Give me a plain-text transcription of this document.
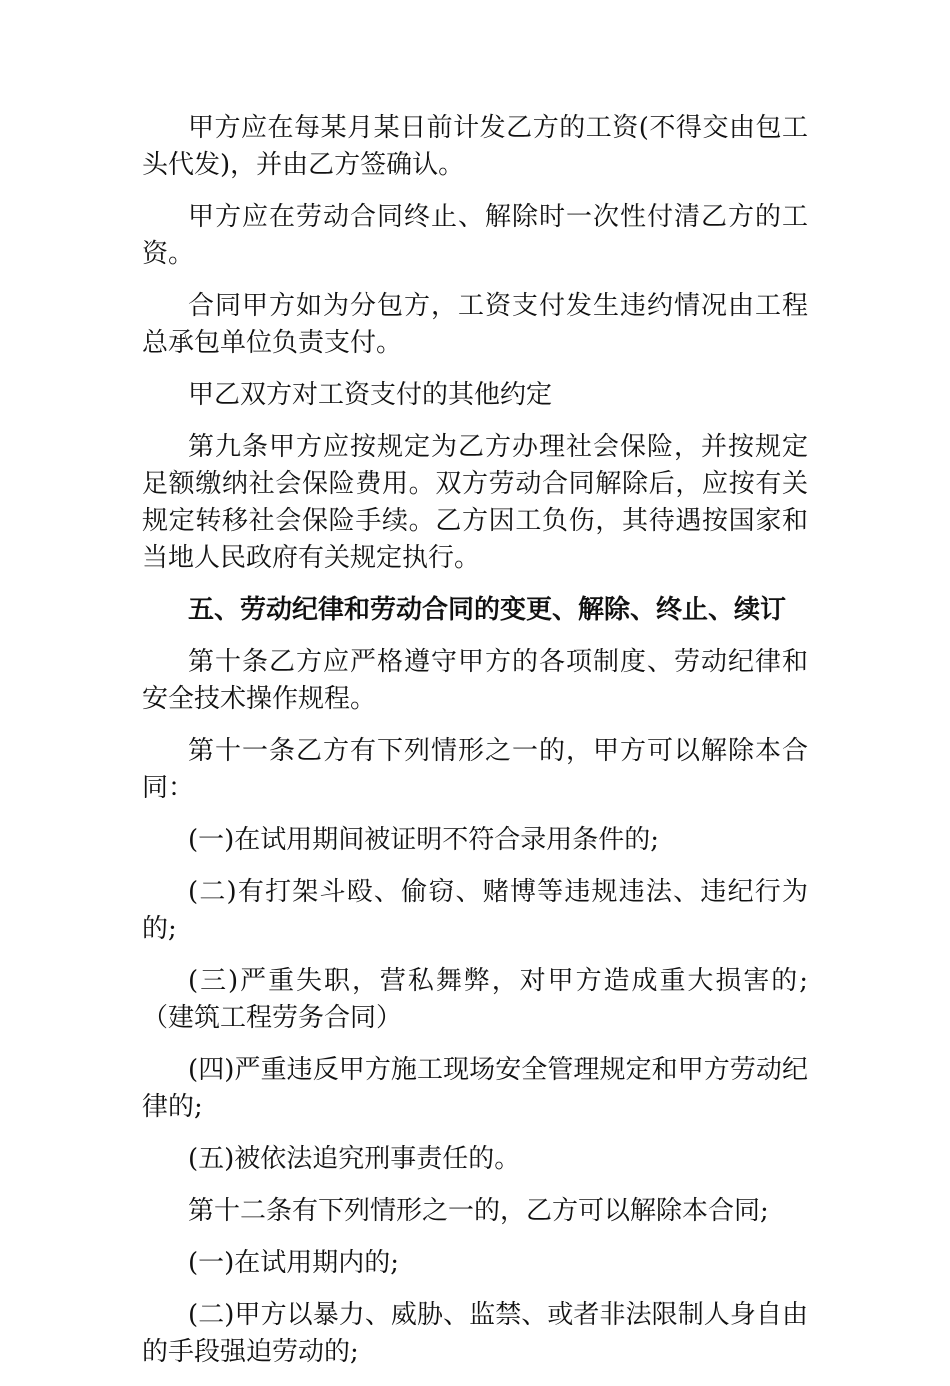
甲方应在每某月某日前计发乙方的工资(不得交由包工头代发)，并由乙方签确认。

甲方应在劳动合同终止、解除时一次性付清乙方的工资。

合同甲方如为分包方，工资支付发生违约情况由工程总承包单位负责支付。

甲乙双方对工资支付的其他约定

第九条甲方应按规定为乙方办理社会保险，并按规定足额缴纳社会保险费用。双方劳动合同解除后，应按有关规定转移社会保险手续。乙方因工负伤，其待遇按国家和当地人民政府有关规定执行。

五、劳动纪律和劳动合同的变更、解除、终止、续订

第十条乙方应严格遵守甲方的各项制度、劳动纪律和安全技术操作规程。

第十一条乙方有下列情形之一的，甲方可以解除本合同：

(一)在试用期间被证明不符合录用条件的;

(二)有打架斗殴、偷窃、赌博等违规违法、违纪行为的;

(三)严重失职，营私舞弊，对甲方造成重大损害的;（建筑工程劳务合同）

(四)严重违反甲方施工现场安全管理规定和甲方劳动纪律的;

(五)被依法追究刑事责任的。

第十二条有下列情形之一的，乙方可以解除本合同;

(一)在试用期内的;

(二)甲方以暴力、威胁、监禁、或者非法限制人身自由的手段强迫劳动的;
